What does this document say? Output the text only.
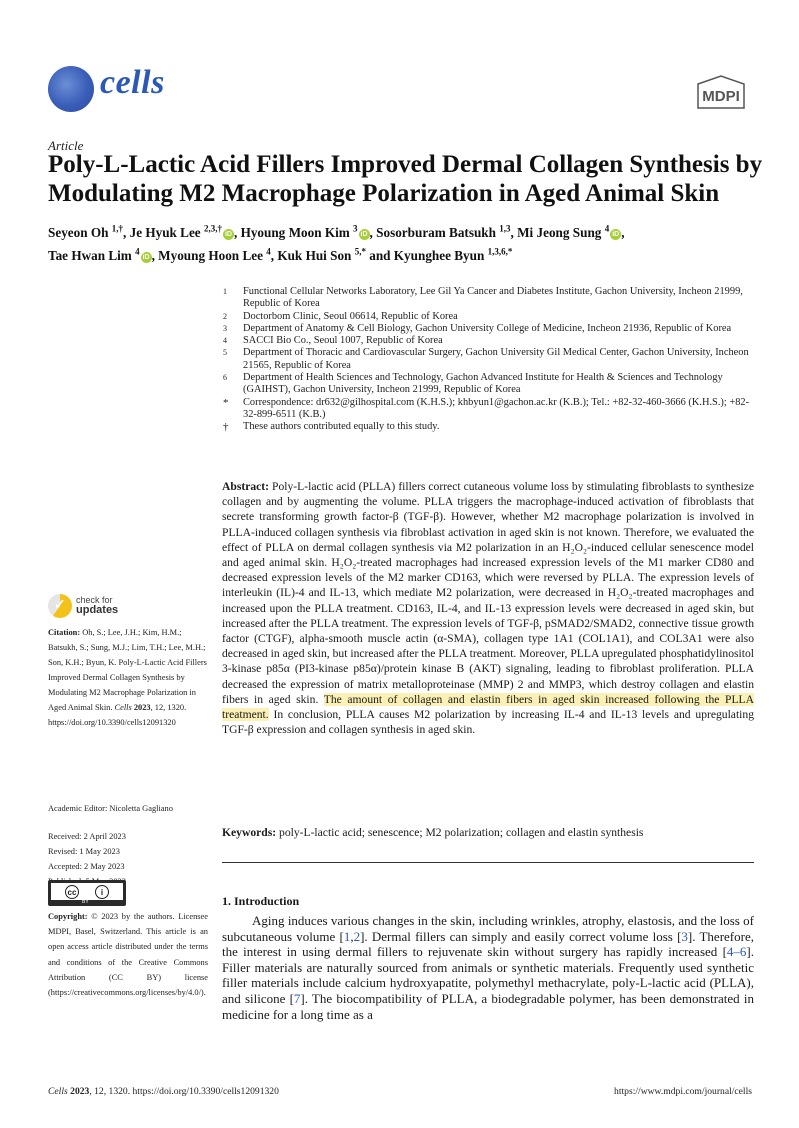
cells	MDPI
Article
Poly-L-Lactic Acid Fillers Improved Dermal Collagen Synthesis by Modulating M2 Macrophage Polarization in Aged Animal Skin
Seyeon Oh $^{1,\dagger}$, Je Hyuk Lee $^{2,3,\dagger}$iD , Hyoung Moon Kim $^3$iD , Sosorburam Batsukh $^{1,3}$, Mi Jeong Sung $^4$iD ,
Tae Hwan Lim $^4$iD , Myoung Hoon Lee $^4$, Kuk Hui Son $^{5,*}$ and Kyunghee Byun $^{1,3,6,*}$
1	Functional Cellular Networks Laboratory, Lee Gil Ya Cancer and Diabetes Institute, Gachon University, Incheon 21999, Republic of Korea
2	Doctorbom Clinic, Seoul 06614, Republic of Korea
3	Department of Anatomy & Cell Biology, Gachon University College of Medicine, Incheon 21936, Republic of Korea
4	SACCI Bio Co., Seoul 1007, Republic of Korea
5	Department of Thoracic and Cardiovascular Surgery, Gachon University Gil Medical Center, Gachon University, Incheon 21565, Republic of Korea
6	Department of Health Sciences and Technology, Gachon Advanced Institute for Health & Sciences and Technology (GAIHST), Gachon University, Incheon 21999, Republic of Korea
*	Correspondence: dr632@gilhospital.com (K.H.S.); khbyun1@gachon.ac.kr (K.B.); Tel.: +82-32-460-3666 (K.H.S.); +82-32-899-6511 (K.B.)
†	These authors contributed equally to this study.
Abstract: Poly-L-lactic acid (PLLA) fillers correct cutaneous volume loss by stimulating fibroblasts to synthesize collagen and by augmenting the volume. PLLA triggers the macrophage-induced activation of fibroblasts that secrete transforming growth factor-β (TGF-β). However, whether M2 macrophage polarization is involved in PLLA-induced collagen synthesis via fibroblast activation in aged skin is not known. Therefore, we evaluated the effect of PLLA on dermal collagen synthesis via M2 polarization in an H₂O₂-induced cellular senescence model and aged animal skin. H₂O₂-treated macrophages had increased expression levels of the M1 marker CD80 and decreased expression levels of the M2 marker CD163, which were reversed by PLLA. The expression levels of interleukin (IL)-4 and IL-13, which mediate M2 polarization, were decreased in H₂O₂-treated macrophages and increased upon the PLLA treatment. CD163, IL-4, and IL-13 expression levels were decreased in aged skin, but increased after the PLLA treatment. The expression levels of TGF-β, pSMAD2/SMAD2, connective tissue growth factor (CTGF), alpha-smooth muscle actin (α-SMA), collagen type 1A1 (COL1A1), and COL3A1 were also decreased in aged skin, but increased after the PLLA treatment. Moreover, PLLA upregulated phosphatidylinositol 3-kinase p85α (PI3-kinase p85α)/protein kinase B (AKT) signaling, leading to fibroblast proliferation. PLLA decreased the expression of matrix metalloproteinase (MMP) 2 and MMP3, which destroy collagen and elastin fibers in aged skin. The amount of collagen and elastin fibers in aged skin increased following the PLLA treatment. In conclusion, PLLA causes M2 polarization by increasing IL-4 and IL-13 levels and upregulating TGF-β expression and collagen synthesis in aged skin.
Keywords: poly-L-lactic acid; senescence; M2 polarization; collagen and elastin synthesis
1. Introduction

Aging induces various changes in the skin, including wrinkles, atrophy, elastosis, and the loss of subcutaneous volume [1,2]. Dermal fillers can simply and easily correct volume loss [3]. Therefore, the interest in using dermal fillers to rejuvenate skin without surgery has rapidly increased [4–6]. Filler materials are naturally sourced from animals or synthetic materials. Frequently used synthetic filler materials include calcium hydroxyapatite, polymethyl methacrylate, poly-L-lactic acid (PLLA), and silicone [7]. The biocompatibility of PLLA, a biodegradable polymer, has been demonstrated in medicine for a long time as a

✓ check for
updates
Citation: Oh, S.; Lee, J.H.; Kim, H.M.; Batsukh, S.; Sung, M.J.; Lim, T.H.; Lee, M.H.; Son, K.H.; Byun, K. Poly-L-Lactic Acid Fillers Improved Dermal Collagen Synthesis by Modulating M2 Macrophage Polarization in Aged Animal Skin. Cells 2023, 12, 1320. https://doi.org/10.3390/cells12091320
Academic Editor: Nicoletta Gagliano
Received: 2 April 2023
Revised: 1 May 2023
Accepted: 2 May 2023
cc	i
BY
Copyright: © 2023 by the authors. Licensee MDPI, Basel, Switzerland. This article is an open access article distributed under the terms and conditions of the Creative Commons Attribution (CC BY) license (https://creativecommons.org/licenses/by/4.0/).
Cells 2023, 12, 1320. https://doi.org/10.3390/cells12091320	https://www.mdpi.com/journal/cells
